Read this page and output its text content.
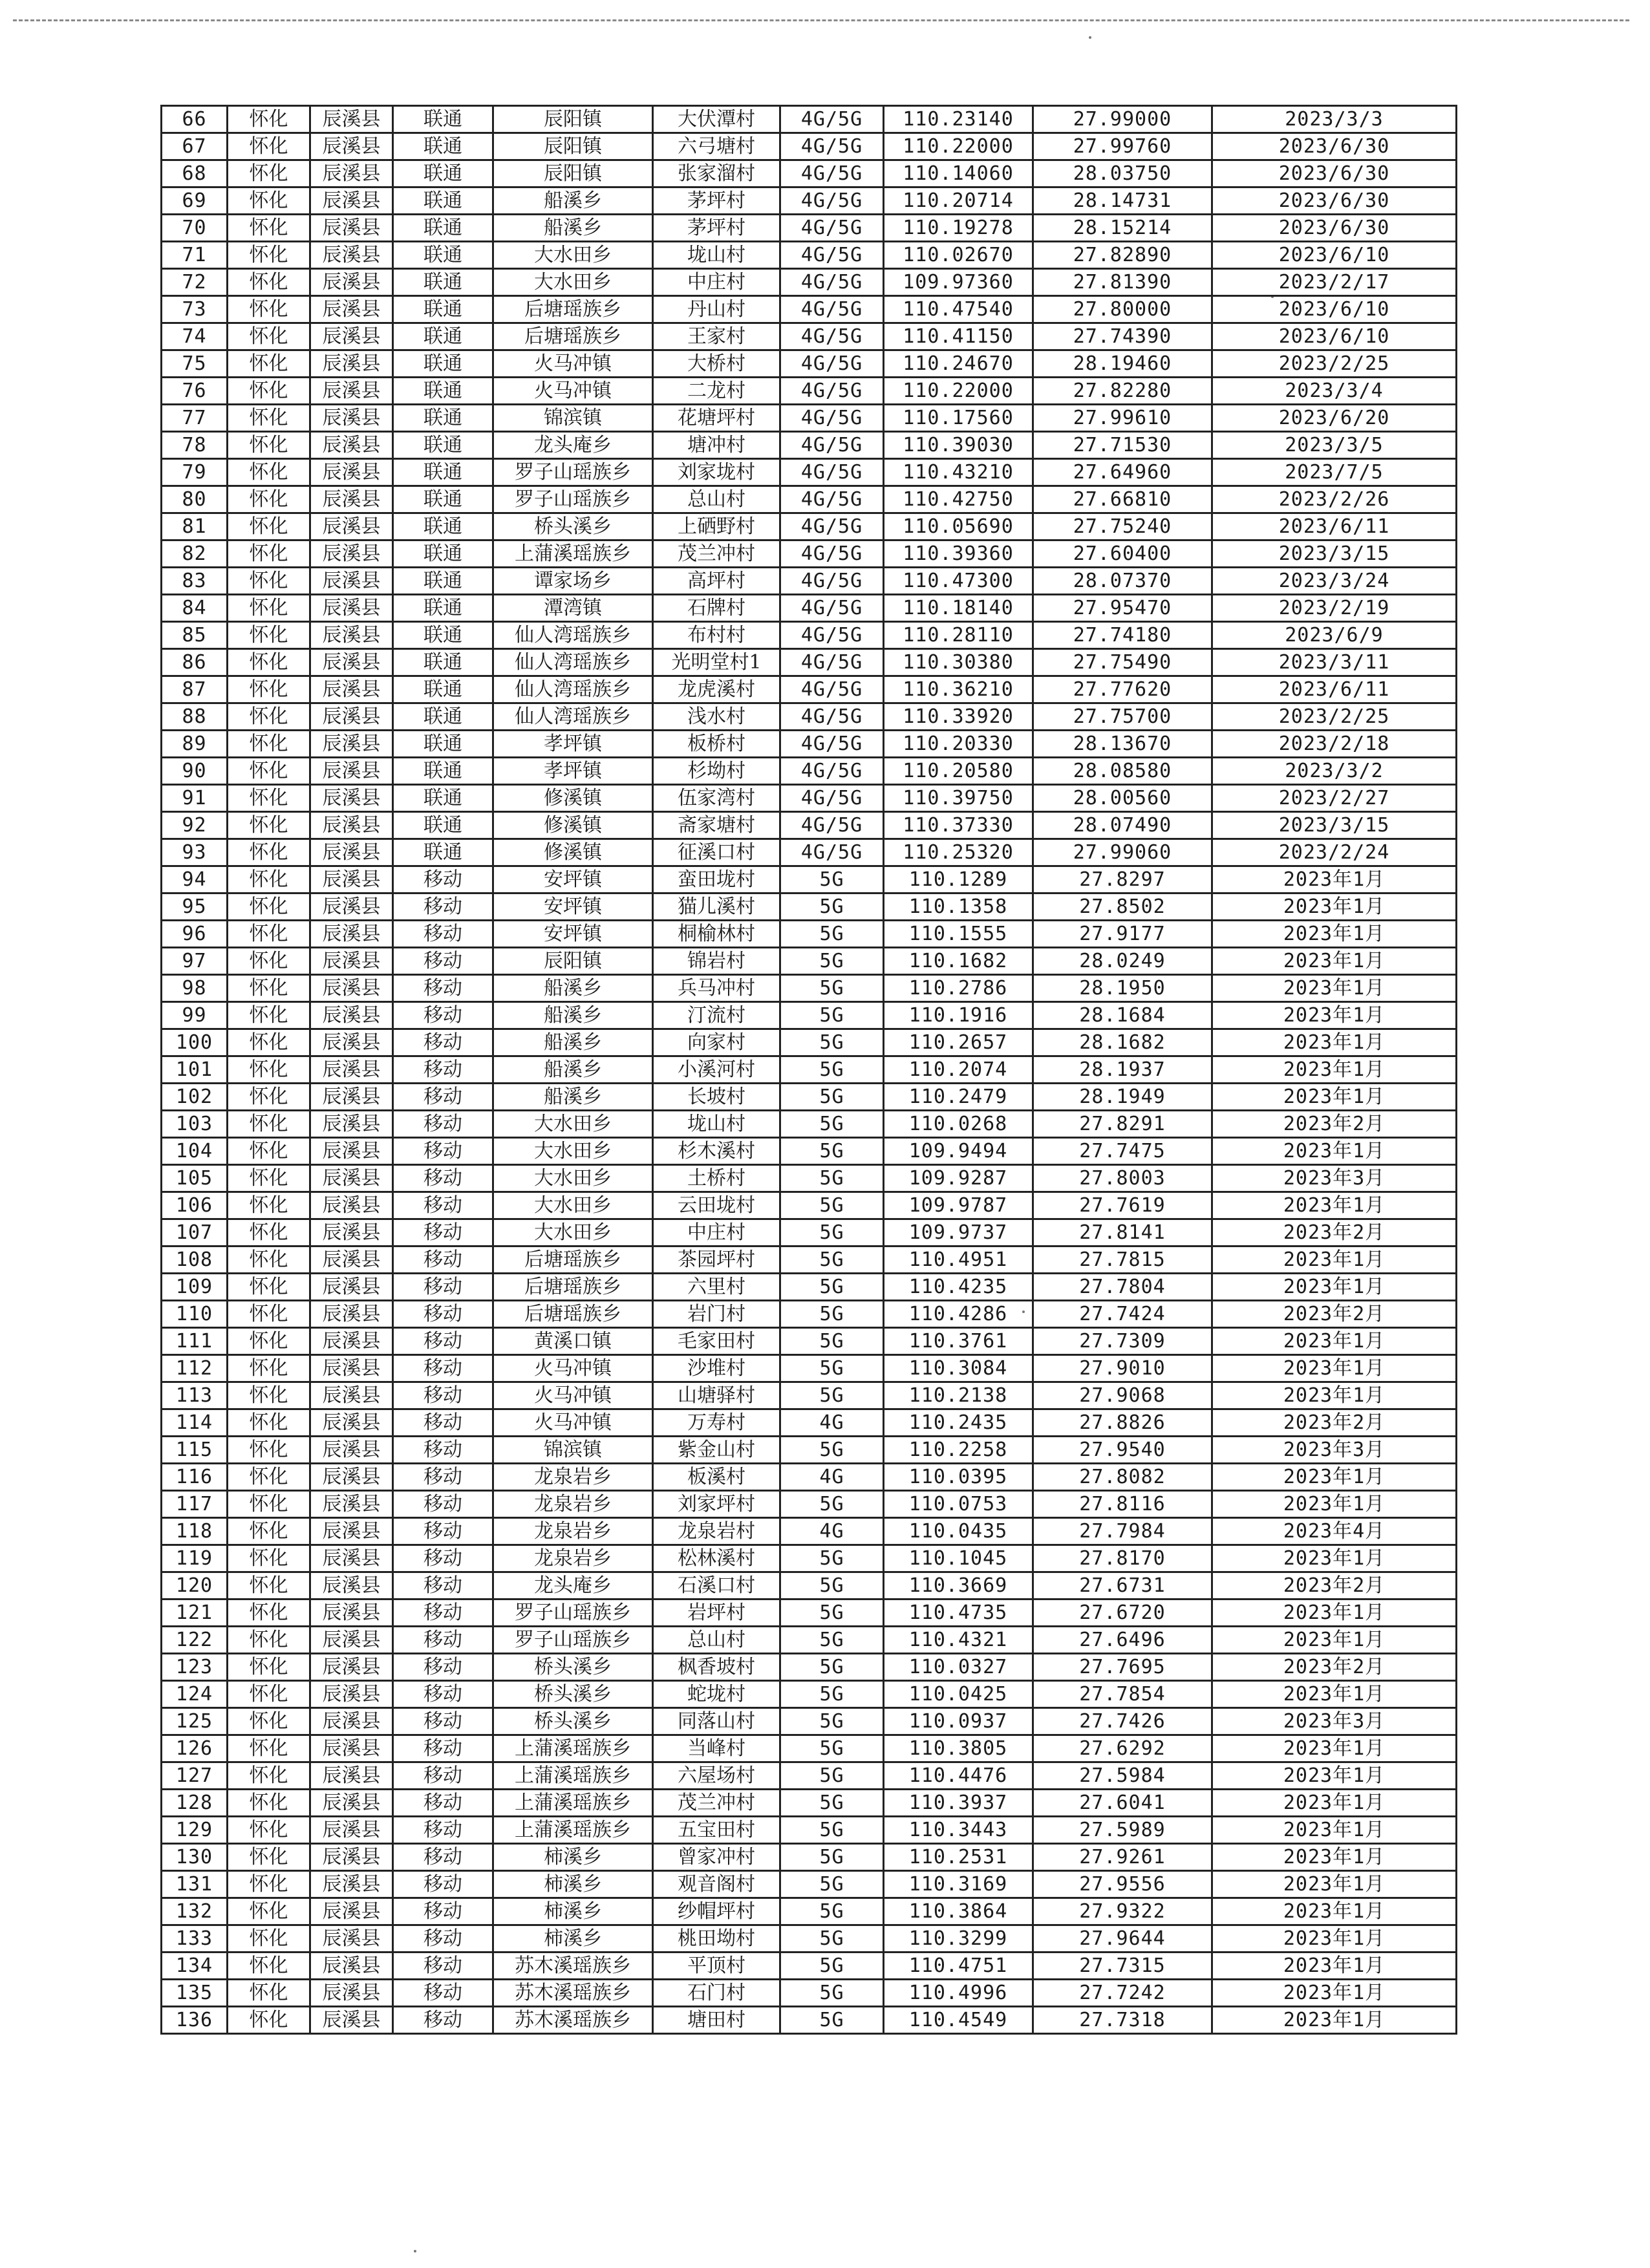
66	怀化	辰溪县	联通	辰阳镇	大伏潭村	4G/5G	110.23140	27.99000	2023/3/3
67	怀化	辰溪县	联通	辰阳镇	六弓塘村	4G/5G	110.22000	27.99760	2023/6/30
68	怀化	辰溪县	联通	辰阳镇	张家溜村	4G/5G	110.14060	28.03750	2023/6/30
69	怀化	辰溪县	联通	船溪乡	茅坪村	4G/5G	110.20714	28.14731	2023/6/30
70	怀化	辰溪县	联通	船溪乡	茅坪村	4G/5G	110.19278	28.15214	2023/6/30
71	怀化	辰溪县	联通	大水田乡	垅山村	4G/5G	110.02670	27.82890	2023/6/10
72	怀化	辰溪县	联通	大水田乡	中庄村	4G/5G	109.97360	27.81390	2023/2/17
73	怀化	辰溪县	联通	后塘瑶族乡	丹山村	4G/5G	110.47540	27.80000	2023/6/10
74	怀化	辰溪县	联通	后塘瑶族乡	王家村	4G/5G	110.41150	27.74390	2023/6/10
75	怀化	辰溪县	联通	火马冲镇	大桥村	4G/5G	110.24670	28.19460	2023/2/25
76	怀化	辰溪县	联通	火马冲镇	二龙村	4G/5G	110.22000	27.82280	2023/3/4
77	怀化	辰溪县	联通	锦滨镇	花塘坪村	4G/5G	110.17560	27.99610	2023/6/20
78	怀化	辰溪县	联通	龙头庵乡	塘冲村	4G/5G	110.39030	27.71530	2023/3/5
79	怀化	辰溪县	联通	罗子山瑶族乡	刘家垅村	4G/5G	110.43210	27.64960	2023/7/5
80	怀化	辰溪县	联通	罗子山瑶族乡	总山村	4G/5G	110.42750	27.66810	2023/2/26
81	怀化	辰溪县	联通	桥头溪乡	上硒野村	4G/5G	110.05690	27.75240	2023/6/11
82	怀化	辰溪县	联通	上蒲溪瑶族乡	茂兰冲村	4G/5G	110.39360	27.60400	2023/3/15
83	怀化	辰溪县	联通	谭家场乡	高坪村	4G/5G	110.47300	28.07370	2023/3/24
84	怀化	辰溪县	联通	潭湾镇	石牌村	4G/5G	110.18140	27.95470	2023/2/19
85	怀化	辰溪县	联通	仙人湾瑶族乡	布村村	4G/5G	110.28110	27.74180	2023/6/9
86	怀化	辰溪县	联通	仙人湾瑶族乡	光明堂村1	4G/5G	110.30380	27.75490	2023/3/11
87	怀化	辰溪县	联通	仙人湾瑶族乡	龙虎溪村	4G/5G	110.36210	27.77620	2023/6/11
88	怀化	辰溪县	联通	仙人湾瑶族乡	浅水村	4G/5G	110.33920	27.75700	2023/2/25
89	怀化	辰溪县	联通	孝坪镇	板桥村	4G/5G	110.20330	28.13670	2023/2/18
90	怀化	辰溪县	联通	孝坪镇	杉坳村	4G/5G	110.20580	28.08580	2023/3/2
91	怀化	辰溪县	联通	修溪镇	伍家湾村	4G/5G	110.39750	28.00560	2023/2/27
92	怀化	辰溪县	联通	修溪镇	斋家塘村	4G/5G	110.37330	28.07490	2023/3/15
93	怀化	辰溪县	联通	修溪镇	征溪口村	4G/5G	110.25320	27.99060	2023/2/24
94	怀化	辰溪县	移动	安坪镇	蛮田垅村	5G	110.1289	27.8297	2023年1月
95	怀化	辰溪县	移动	安坪镇	猫儿溪村	5G	110.1358	27.8502	2023年1月
96	怀化	辰溪县	移动	安坪镇	桐榆林村	5G	110.1555	27.9177	2023年1月
97	怀化	辰溪县	移动	辰阳镇	锦岩村	5G	110.1682	28.0249	2023年1月
98	怀化	辰溪县	移动	船溪乡	兵马冲村	5G	110.2786	28.1950	2023年1月
99	怀化	辰溪县	移动	船溪乡	汀流村	5G	110.1916	28.1684	2023年1月
100	怀化	辰溪县	移动	船溪乡	向家村	5G	110.2657	28.1682	2023年1月
101	怀化	辰溪县	移动	船溪乡	小溪河村	5G	110.2074	28.1937	2023年1月
102	怀化	辰溪县	移动	船溪乡	长坡村	5G	110.2479	28.1949	2023年1月
103	怀化	辰溪县	移动	大水田乡	垅山村	5G	110.0268	27.8291	2023年2月
104	怀化	辰溪县	移动	大水田乡	杉木溪村	5G	109.9494	27.7475	2023年1月
105	怀化	辰溪县	移动	大水田乡	土桥村	5G	109.9287	27.8003	2023年3月
106	怀化	辰溪县	移动	大水田乡	云田垅村	5G	109.9787	27.7619	2023年1月
107	怀化	辰溪县	移动	大水田乡	中庄村	5G	109.9737	27.8141	2023年2月
108	怀化	辰溪县	移动	后塘瑶族乡	茶园坪村	5G	110.4951	27.7815	2023年1月
109	怀化	辰溪县	移动	后塘瑶族乡	六里村	5G	110.4235	27.7804	2023年1月
110	怀化	辰溪县	移动	后塘瑶族乡	岩门村	5G	110.4286	27.7424	2023年2月
111	怀化	辰溪县	移动	黄溪口镇	毛家田村	5G	110.3761	27.7309	2023年1月
112	怀化	辰溪县	移动	火马冲镇	沙堆村	5G	110.3084	27.9010	2023年1月
113	怀化	辰溪县	移动	火马冲镇	山塘驿村	5G	110.2138	27.9068	2023年1月
114	怀化	辰溪县	移动	火马冲镇	万寿村	4G	110.2435	27.8826	2023年2月
115	怀化	辰溪县	移动	锦滨镇	紫金山村	5G	110.2258	27.9540	2023年3月
116	怀化	辰溪县	移动	龙泉岩乡	板溪村	4G	110.0395	27.8082	2023年1月
117	怀化	辰溪县	移动	龙泉岩乡	刘家坪村	5G	110.0753	27.8116	2023年1月
118	怀化	辰溪县	移动	龙泉岩乡	龙泉岩村	4G	110.0435	27.7984	2023年4月
119	怀化	辰溪县	移动	龙泉岩乡	松林溪村	5G	110.1045	27.8170	2023年1月
120	怀化	辰溪县	移动	龙头庵乡	石溪口村	5G	110.3669	27.6731	2023年2月
121	怀化	辰溪县	移动	罗子山瑶族乡	岩坪村	5G	110.4735	27.6720	2023年1月
122	怀化	辰溪县	移动	罗子山瑶族乡	总山村	5G	110.4321	27.6496	2023年1月
123	怀化	辰溪县	移动	桥头溪乡	枫香坡村	5G	110.0327	27.7695	2023年2月
124	怀化	辰溪县	移动	桥头溪乡	蛇垅村	5G	110.0425	27.7854	2023年1月
125	怀化	辰溪县	移动	桥头溪乡	同落山村	5G	110.0937	27.7426	2023年3月
126	怀化	辰溪县	移动	上蒲溪瑶族乡	当峰村	5G	110.3805	27.6292	2023年1月
127	怀化	辰溪县	移动	上蒲溪瑶族乡	六屋场村	5G	110.4476	27.5984	2023年1月
128	怀化	辰溪县	移动	上蒲溪瑶族乡	茂兰冲村	5G	110.3937	27.6041	2023年1月
129	怀化	辰溪县	移动	上蒲溪瑶族乡	五宝田村	5G	110.3443	27.5989	2023年1月
130	怀化	辰溪县	移动	柿溪乡	曾家冲村	5G	110.2531	27.9261	2023年1月
131	怀化	辰溪县	移动	柿溪乡	观音阁村	5G	110.3169	27.9556	2023年1月
132	怀化	辰溪县	移动	柿溪乡	纱帽坪村	5G	110.3864	27.9322	2023年1月
133	怀化	辰溪县	移动	柿溪乡	桃田坳村	5G	110.3299	27.9644	2023年1月
134	怀化	辰溪县	移动	苏木溪瑶族乡	平顶村	5G	110.4751	27.7315	2023年1月
135	怀化	辰溪县	移动	苏木溪瑶族乡	石门村	5G	110.4996	27.7242	2023年1月
136	怀化	辰溪县	移动	苏木溪瑶族乡	塘田村	5G	110.4549	27.7318	2023年1月
